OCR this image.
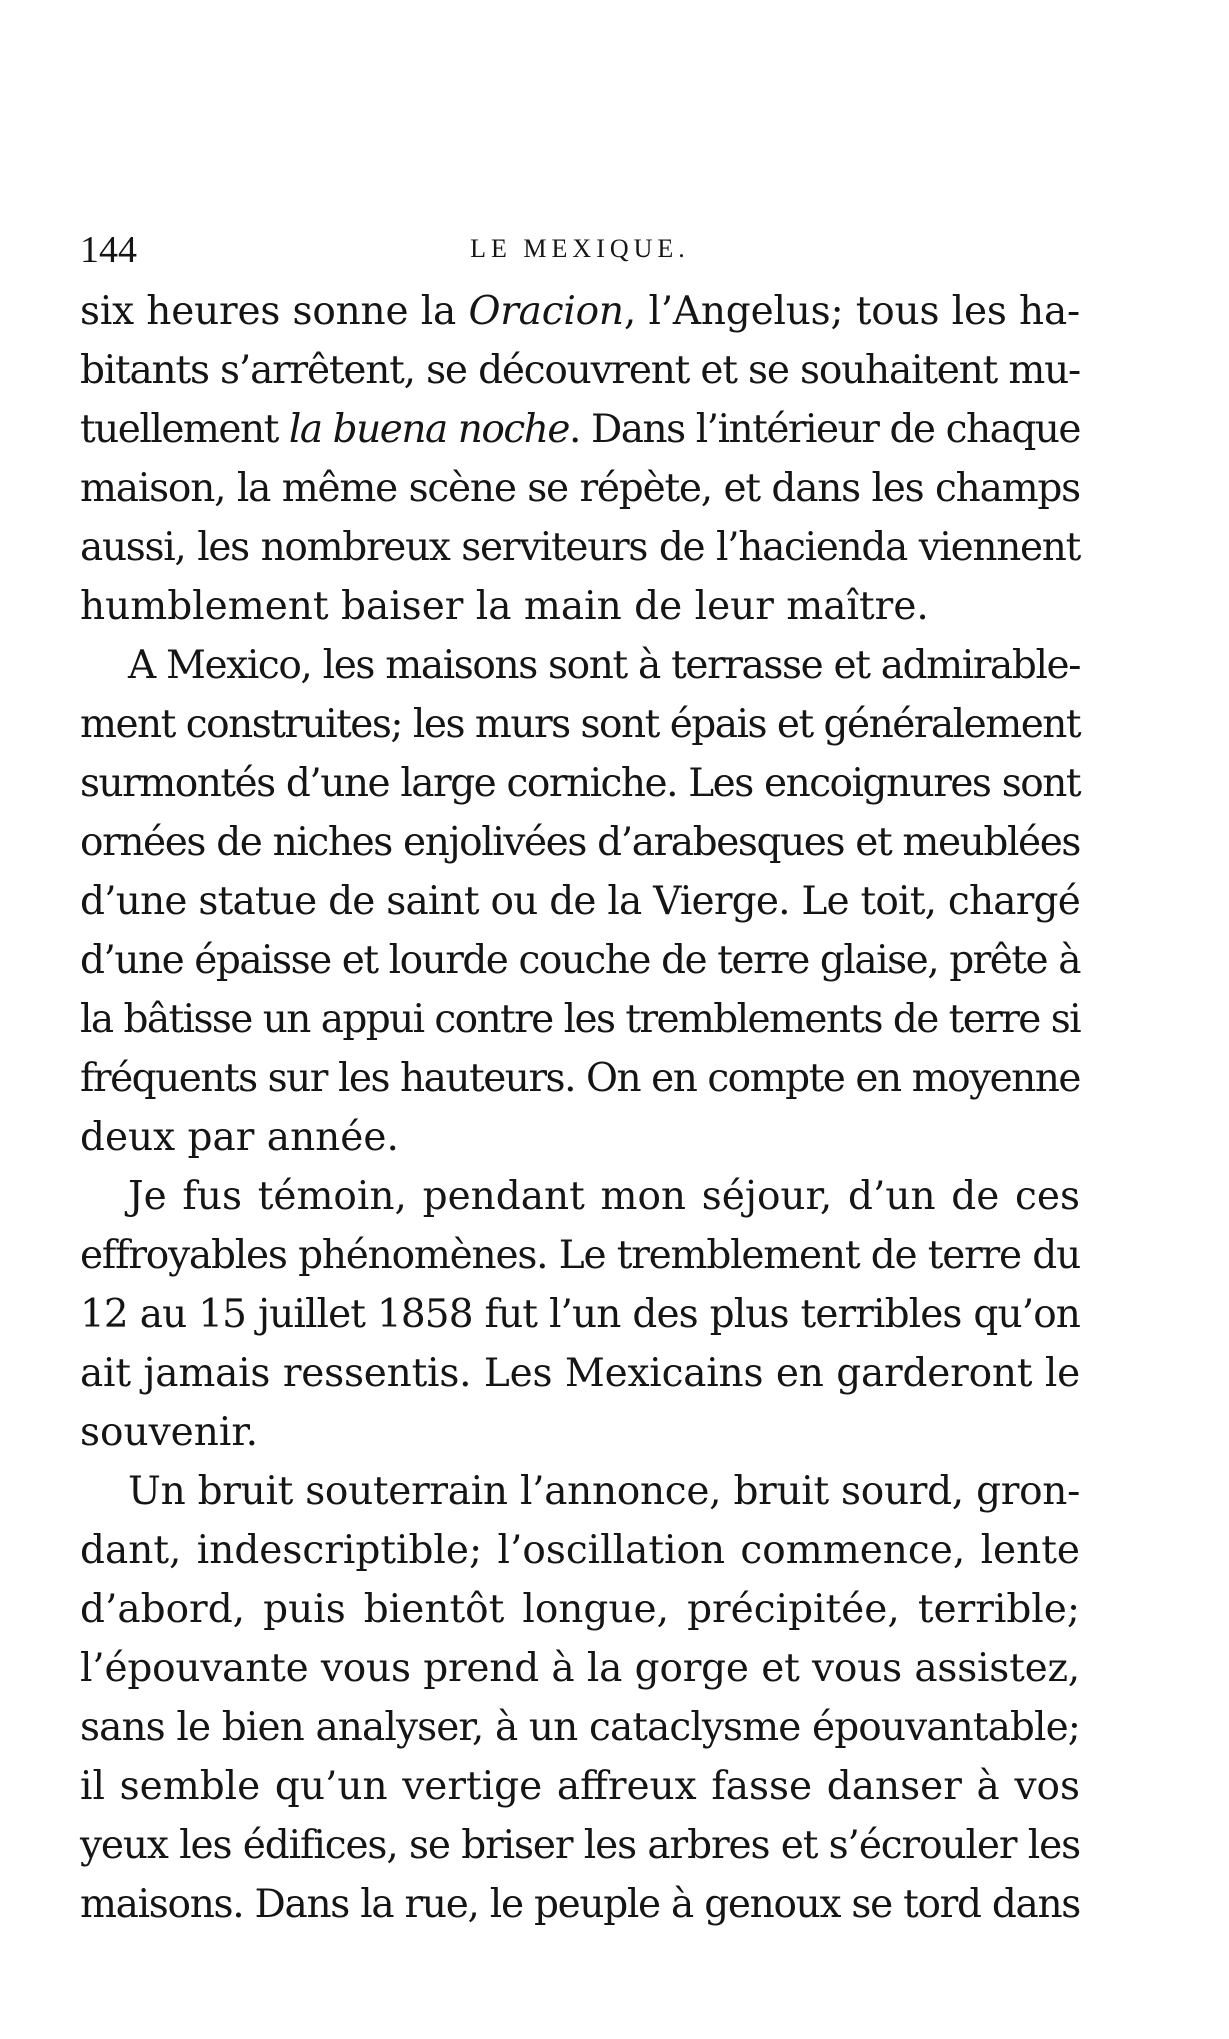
144	LE MEXIQUE.
six heures sonne la Oracion, l’Angelus; tous les ha-
bitants s’arrêtent, se découvrent et se souhaitent mu-
tuellement la buena noche. Dans l’intérieur de chaque
maison, la même scène se répète, et dans les champs
aussi, les nombreux serviteurs de l’hacienda viennent
humblement baiser la main de leur maître.
A Mexico, les maisons sont à terrasse et admirable-
ment construites; les murs sont épais et généralement
surmontés d’une large corniche. Les encoignures sont
ornées de niches enjolivées d’arabesques et meublées
d’une statue de saint ou de la Vierge. Le toit, chargé
d’une épaisse et lourde couche de terre glaise, prête à
la bâtisse un appui contre les tremblements de terre si
fréquents sur les hauteurs. On en compte en moyenne
deux par année.
Je fus témoin, pendant mon séjour, d’un de ces
effroyables phénomènes. Le tremblement de terre du
12 au 15 juillet 1858 fut l’un des plus terribles qu’on
ait jamais ressentis. Les Mexicains en garderont le
souvenir.
Un bruit souterrain l’annonce, bruit sourd, gron-
dant, indescriptible; l’oscillation commence, lente
d’abord, puis bientôt longue, précipitée, terrible;
l’épouvante vous prend à la gorge et vous assistez,
sans le bien analyser, à un cataclysme épouvantable;
il semble qu’un vertige affreux fasse danser à vos
yeux les édifices, se briser les arbres et s’écrouler les
maisons. Dans la rue, le peuple à genoux se tord dans
